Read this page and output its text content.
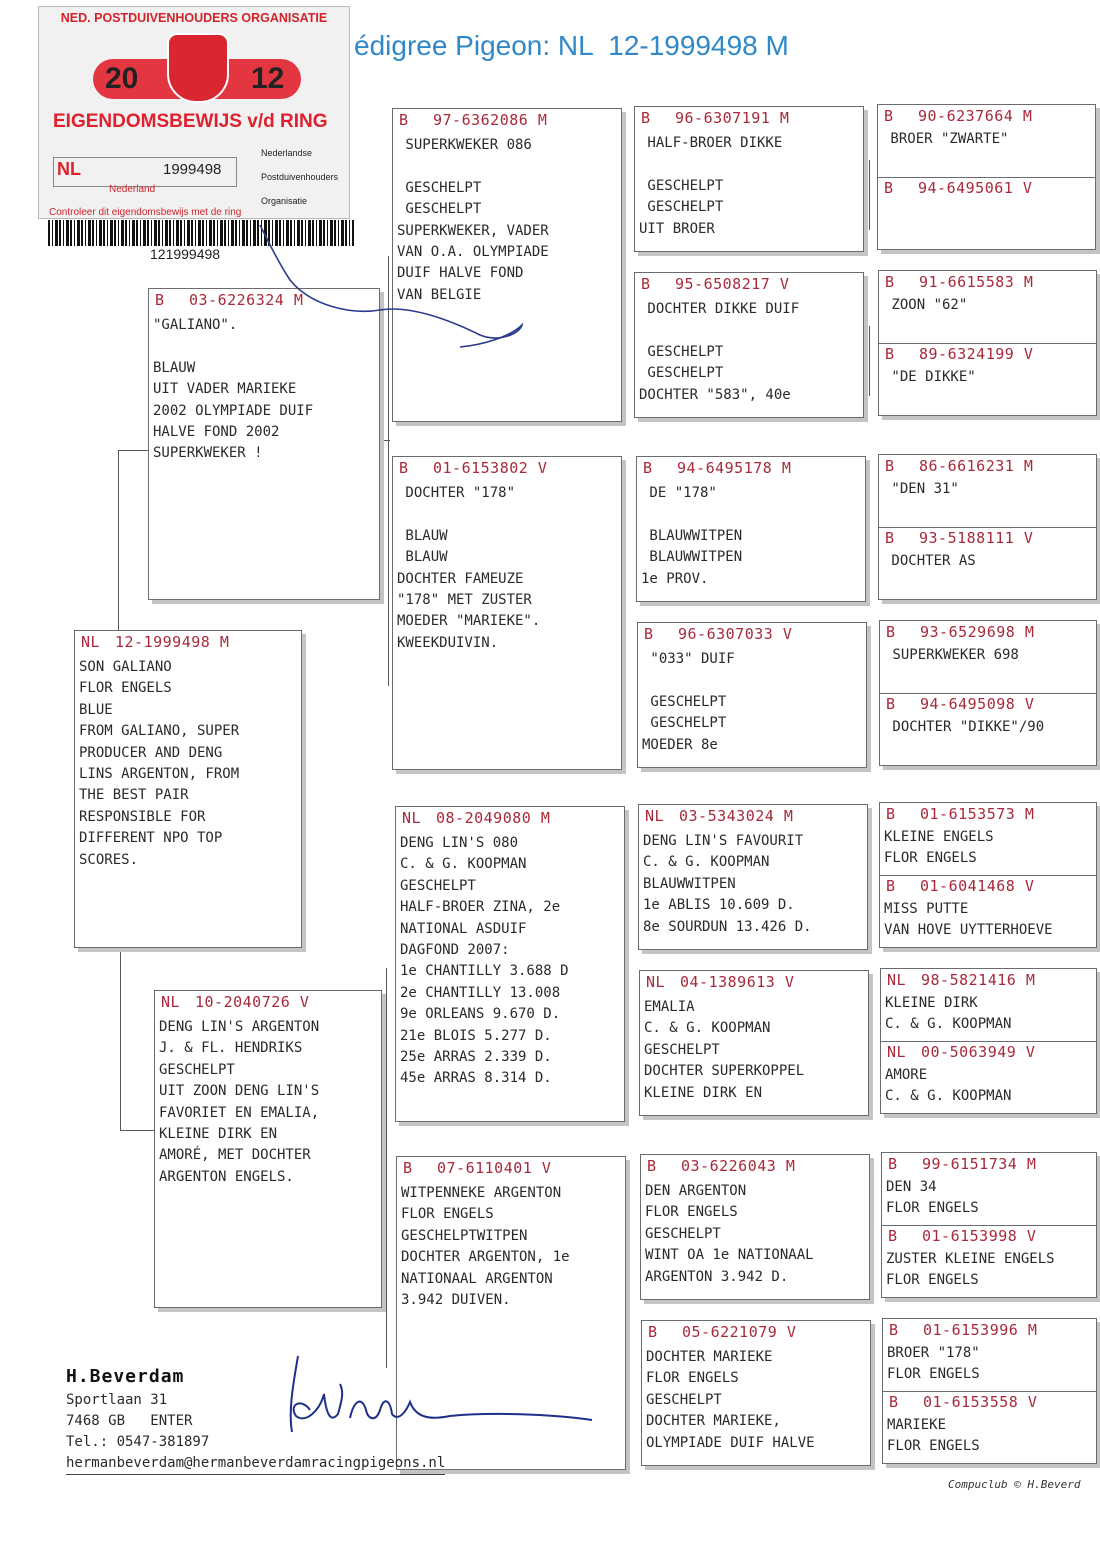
NED. POSTDUIVENHOUDERS ORGANISATIE
20	12
EIGENDOMSBEWIJS v/d RING
NL	1999498
Nederland
Nederlandse
Postduivenhouders
Organisatie
Controleer dit eigendomsbewijs met de ring
121999498
édigree Pigeon: NL  12-1999498 M
NL 12-1999498 M
SON GALIANO
FLOR ENGELS
BLUE
FROM GALIANO, SUPER
PRODUCER AND DENG
LINS ARGENTON, FROM
THE BEST PAIR
RESPONSIBLE FOR
DIFFERENT NPO TOP
SCORES.
B 03-6226324 M
"GALIANO".

BLAUW
UIT VADER MARIEKE
2002 OLYMPIADE DUIF
HALVE FOND 2002
SUPERKWEKER !
NL 10-2040726 V
DENG LIN'S ARGENTON
J. & FL. HENDRIKS
GESCHELPT
UIT ZOON DENG LIN'S
FAVORIET EN EMALIA,
KLEINE DIRK EN
AMORÉ, MET DOCHTER
ARGENTON ENGELS.
B 97-6362086 M
SUPERKWEKER 086

GESCHELPT
GESCHELPT
SUPERKWEKER, VADER
VAN O.A. OLYMPIADE
DUIF HALVE FOND
VAN BELGIE
B 01-6153802 V
DOCHTER "178"

BLAUW
BLAUW
DOCHTER FAMEUZE
"178" MET ZUSTER
MOEDER "MARIEKE".
KWEEKDUIVIN.
NL 08-2049080 M
DENG LIN'S 080
C. & G. KOOPMAN
GESCHELPT
HALF-BROER ZINA, 2e
NATIONAL ASDUIF
DAGFOND 2007:
1e CHANTILLY 3.688 D
2e CHANTILLY 13.008
9e ORLEANS 9.670 D.
21e BLOIS 5.277 D.
25e ARRAS 2.339 D.
45e ARRAS 8.314 D.
B 07-6110401 V
WITPENNEKE ARGENTON
FLOR ENGELS
GESCHELPTWITPEN
DOCHTER ARGENTON, 1e
NATIONAAL ARGENTON
3.942 DUIVEN.
B 96-6307191 M
HALF-BROER DIKKE

GESCHELPT
GESCHELPT
UIT BROER
B 95-6508217 V
DOCHTER DIKKE DUIF

GESCHELPT
GESCHELPT
DOCHTER "583", 40e
B 94-6495178 M
DE "178"

BLAUWWITPEN
BLAUWWITPEN
1e PROV.
B 96-6307033 V
"033" DUIF

GESCHELPT
GESCHELPT
MOEDER 8e
NL 03-5343024 M
DENG LIN'S FAVOURIT
C. & G. KOOPMAN
BLAUWWITPEN
1e ABLIS 10.609 D.
8e SOURDUN 13.426 D.
NL 04-1389613 V
EMALIA
C. & G. KOOPMAN
GESCHELPT
DOCHTER SUPERKOPPEL
KLEINE DIRK EN
B 03-6226043 M
DEN ARGENTON
FLOR ENGELS
GESCHELPT
WINT OA 1e NATIONAAL
ARGENTON 3.942 D.
B 05-6221079 V
DOCHTER MARIEKE
FLOR ENGELS
GESCHELPT
DOCHTER MARIEKE,
OLYMPIADE DUIF HALVE
B 90-6237664 M
BROER "ZWARTE"
B 94-6495061 V
B 91-6615583 M
ZOON "62"
B 89-6324199 V
"DE DIKKE"
B 86-6616231 M
"DEN 31"
B 93-5188111 V
DOCHTER AS
B 93-6529698 M
SUPERKWEKER 698
B 94-6495098 V
DOCHTER "DIKKE"/90
B 01-6153573 M
KLEINE ENGELS
FLOR ENGELS
B 01-6041468 V
MISS PUTTE
VAN HOVE UYTTERHOEVE
NL 98-5821416 M
KLEINE DIRK
C. & G. KOOPMAN
NL 00-5063949 V
AMORE
C. & G. KOOPMAN
B 99-6151734 M
DEN 34
FLOR ENGELS
B 01-6153998 V
ZUSTER KLEINE ENGELS
FLOR ENGELS
B 01-6153996 M
BROER "178"
FLOR ENGELS
B 01-6153558 V
MARIEKE
FLOR ENGELS
H.Beverdam
Sportlaan 31
7468 GB   ENTER
Tel.: 0547-381897
hermanbeverdam@hermanbeverdamracingpigeons.nl
Compuclub © H.Beverd
